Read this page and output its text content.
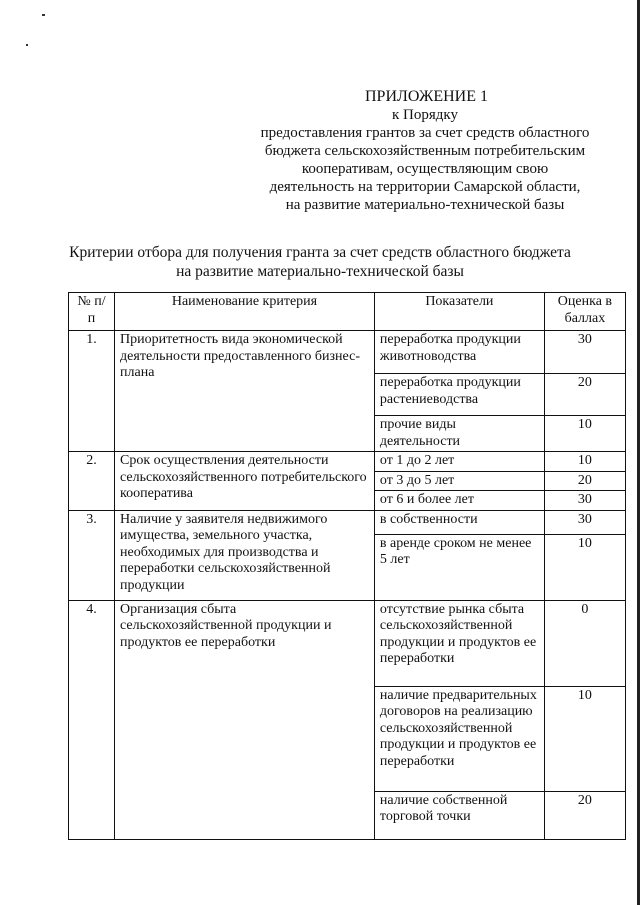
ПРИЛОЖЕНИЕ 1
к Порядку
предоставления грантов за счет средств областного
бюджета сельскохозяйственным потребительским
кооперативам, осуществляющим свою
деятельность на территории Самарской области,
на развитие материально-технической базы
Критерии отбора для получения гранта за счет средств областного бюджета
на развитие материально-технической базы
№ п/п	Наименование критерия	Показатели	Оценка в баллах
1.	Приоритетность вида экономической деятельности предоставленного бизнес-плана	переработка продукции животноводства	30
		переработка продукции растениеводства	20
		прочие виды деятельности	10
2.	Срок осуществления деятельности сельскохозяйственного потребительского кооператива	от 1 до 2 лет	10
		от 3 до 5 лет	20
		от 6 и более лет	30
3.	Наличие у заявителя недвижимого имущества, земельного участка, необходимых для производства и переработки сельскохозяйственной продукции	в собственности	30
		в аренде сроком не менее 5 лет	10
4.	Организация сбыта сельскохозяйственной продукции и продуктов ее переработки	отсутствие рынка сбыта сельскохозяйственной продукции и продуктов ее переработки	0
		наличие предварительных договоров на реализацию сельскохозяйственной продукции и продуктов ее переработки	10
		наличие собственной торговой точки	20
